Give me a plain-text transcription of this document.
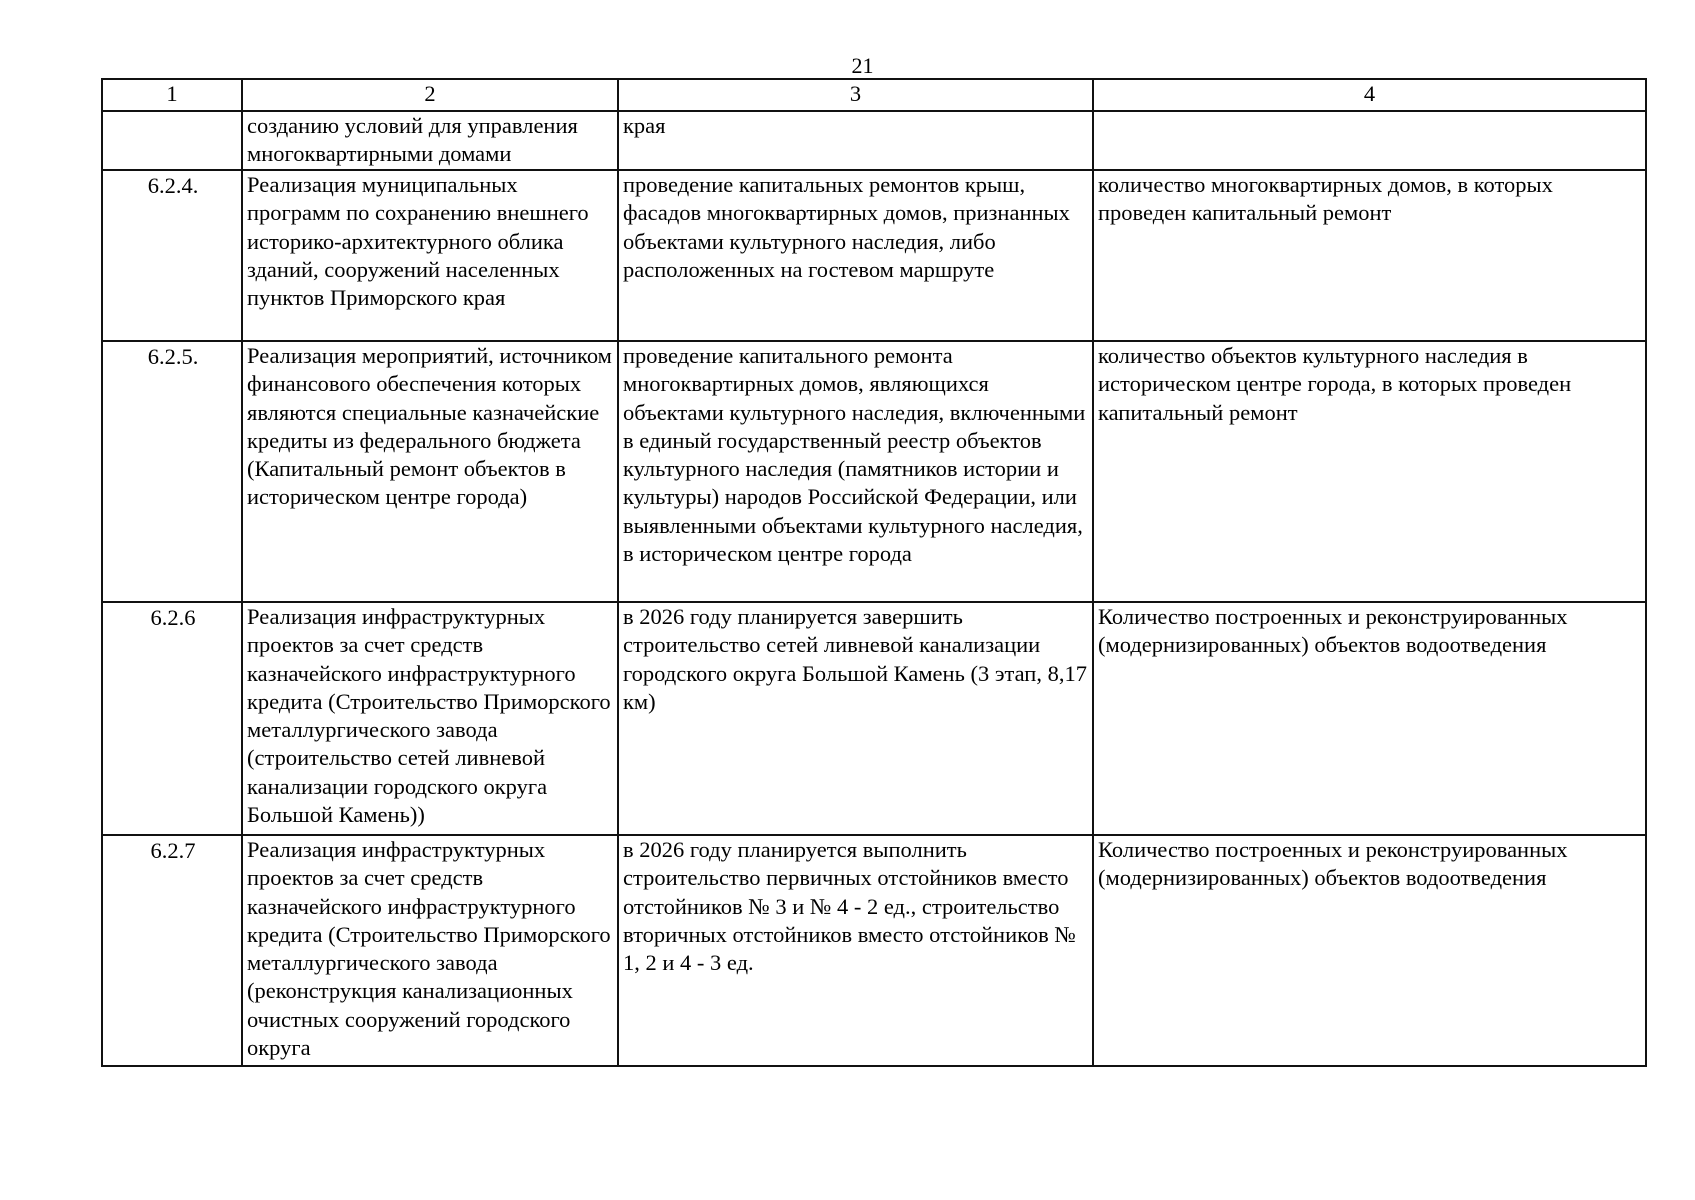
21
1	2	3	4
	созданию условий для управления многоквартирными домами	края	
6.2.4.	Реализация муниципальных программ по сохранению внешнего историко-архитектурного облика зданий, сооружений населенных пунктов Приморского края	проведение капитальных ремонтов крыш, фасадов многоквартирных домов, признанных объектами культурного наследия, либо расположенных на гостевом маршруте	количество многоквартирных домов, в которых проведен капитальный ремонт
6.2.5.	Реализация мероприятий, источником финансового обеспечения которых являются специальные казначейские кредиты из федерального бюджета (Капитальный ремонт объектов в историческом центре города)	проведение капитального ремонта многоквартирных домов, являющихся объектами культурного наследия, включенными в единый государственный реестр объектов культурного наследия (памятников истории и культуры) народов Российской Федерации, или выявленными объектами культурного наследия, в историческом центре города	количество объектов культурного наследия в историческом центре города, в которых проведен капитальный ремонт
6.2.6	Реализация инфраструктурных проектов за счет средств казначейского инфраструктурного кредита (Строительство Приморского металлургического завода (строительство сетей ливневой канализации городского округа Большой Камень))	в 2026 году планируется завершить строительство сетей ливневой канализации городского округа Большой Камень (3 этап, 8,17 км)	Количество построенных и реконструированных (модернизированных) объектов водоотведения
6.2.7	Реализация инфраструктурных проектов за счет средств казначейского инфраструктурного кредита (Строительство Приморского металлургического завода (реконструкция канализационных очистных сооружений городского округа	в 2026 году планируется выполнить строительство первичных отстойников вместо отстойников № 3 и № 4 - 2 ед., строительство вторичных отстойников вместо отстойников № 1, 2 и 4 - 3 ед.	Количество построенных и реконструированных (модернизированных) объектов водоотведения
